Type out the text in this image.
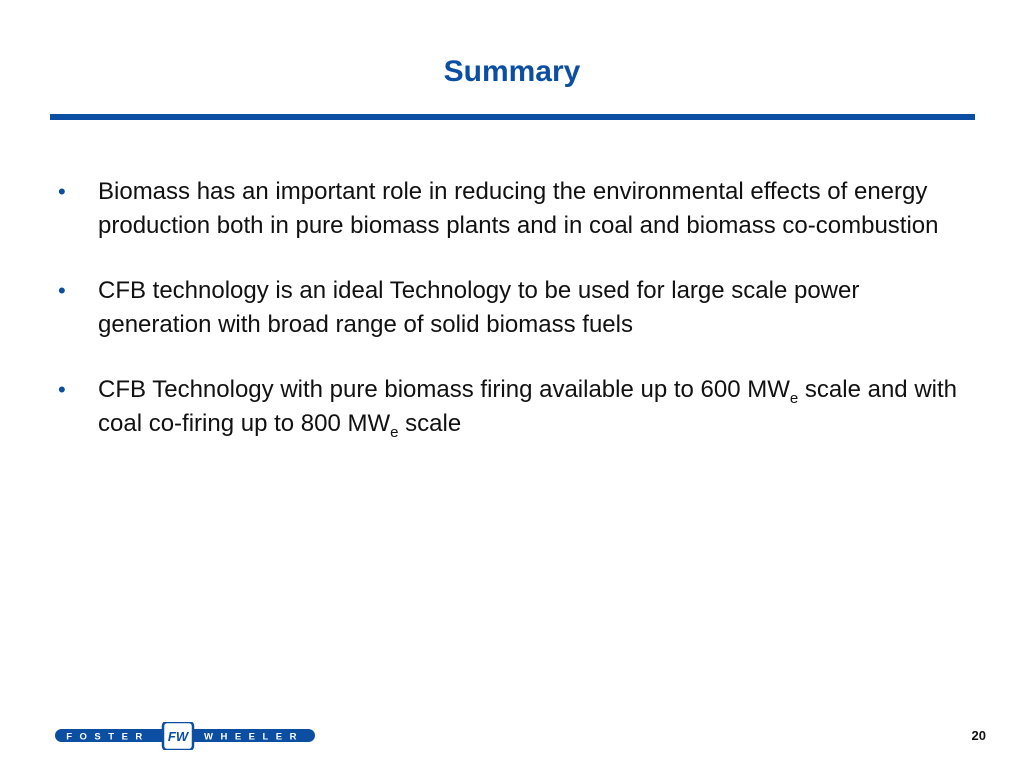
Summary
• Biomass has an important role in reducing the environmental effects of energy production both in pure biomass plants and in coal and biomass co-combustion
• CFB technology is an ideal Technology to be used for large scale power generation with broad range of solid biomass fuels
• CFB Technology with pure biomass firing available up to 600 $MW_e$ scale and with coal co-firing up to 800 $MW_e$ scale
FOSTER FW WHEELER	20
